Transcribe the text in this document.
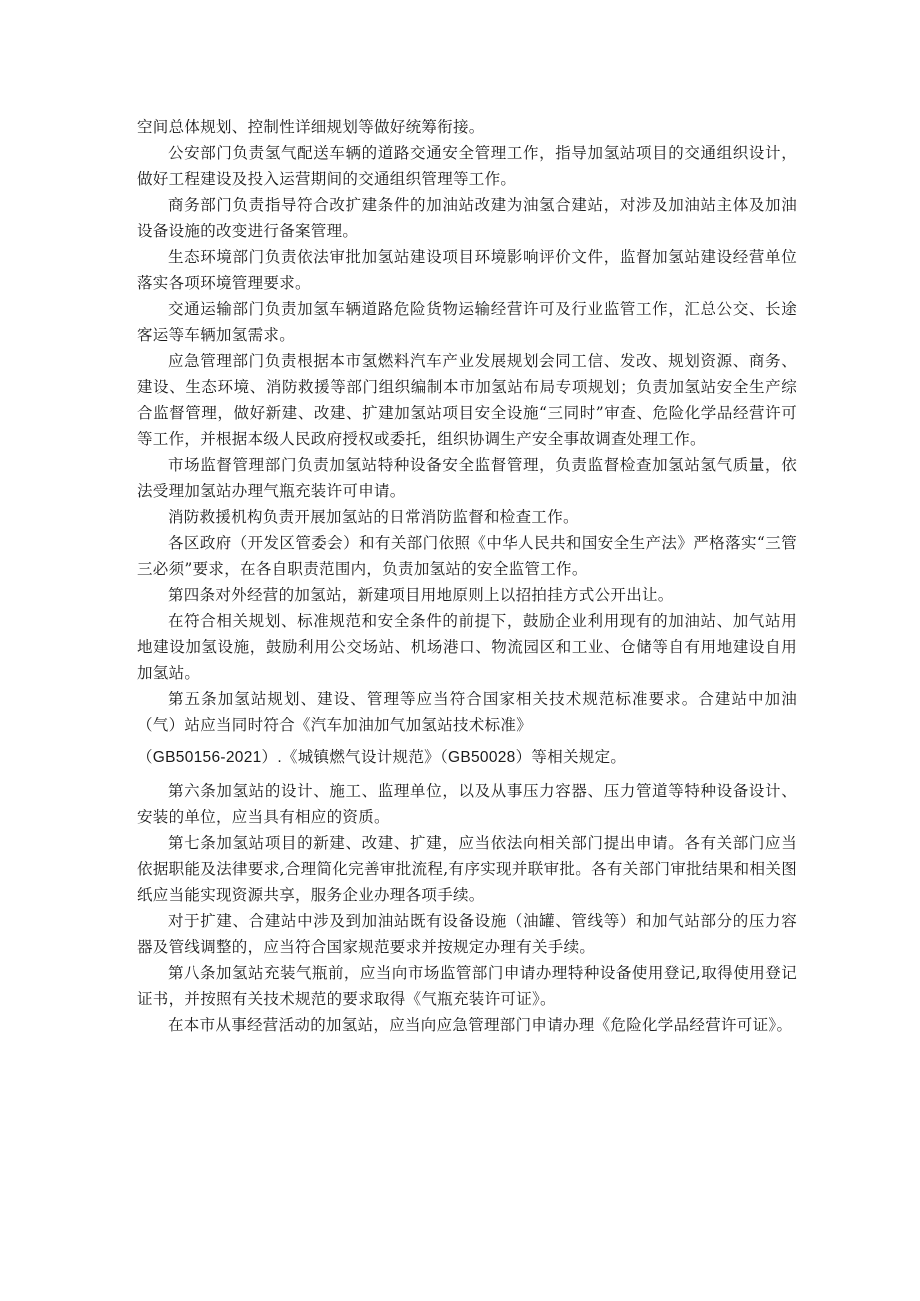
空间总体规划、控制性详细规划等做好统筹衔接。

公安部门负责氢气配送车辆的道路交通安全管理工作，指导加氢站项目的交通组织设计，做好工程建设及投入运营期间的交通组织管理等工作。

商务部门负责指导符合改扩建条件的加油站改建为油氢合建站，对涉及加油站主体及加油设备设施的改变进行备案管理。

生态环境部门负责依法审批加氢站建设项目环境影响评价文件，监督加氢站建设经营单位落实各项环境管理要求。

交通运输部门负责加氢车辆道路危险货物运输经营许可及行业监管工作，汇总公交、长途客运等车辆加氢需求。

应急管理部门负责根据本市氢燃料汽车产业发展规划会同工信、发改、规划资源、商务、建设、生态环境、消防救援等部门组织编制本市加氢站布局专项规划；负责加氢站安全生产综合监督管理，做好新建、改建、扩建加氢站项目安全设施“三同时”审查、危险化学品经营许可等工作，并根据本级人民政府授权或委托，组织协调生产安全事故调查处理工作。

市场监督管理部门负责加氢站特种设备安全监督管理，负责监督检查加氢站氢气质量，依法受理加氢站办理气瓶充装许可申请。

消防救援机构负责开展加氢站的日常消防监督和检查工作。

各区政府（开发区管委会）和有关部门依照《中华人民共和国安全生产法》严格落实“三管三必须”要求，在各自职责范围内，负责加氢站的安全监管工作。

第四条对外经营的加氢站，新建项目用地原则上以招拍挂方式公开出让。

在符合相关规划、标准规范和安全条件的前提下，鼓励企业利用现有的加油站、加气站用地建设加氢设施，鼓励利用公交场站、机场港口、物流园区和工业、仓储等自有用地建设自用加氢站。

第五条加氢站规划、建设、管理等应当符合国家相关技术规范标准要求。合建站中加油（气）站应当同时符合《汽车加油加气加氢站技术标准》

（GB50156-2021）.《城镇燃气设计规范》（GB50028）等相关规定。

第六条加氢站的设计、施工、监理单位，以及从事压力容器、压力管道等特种设备设计、安装的单位，应当具有相应的资质。

第七条加氢站项目的新建、改建、扩建，应当依法向相关部门提出申请。各有关部门应当依据职能及法律要求,合理简化完善审批流程,有序实现并联审批。各有关部门审批结果和相关图纸应当能实现资源共享，服务企业办理各项手续。

对于扩建、合建站中涉及到加油站既有设备设施（油罐、管线等）和加气站部分的压力容器及管线调整的，应当符合国家规范要求并按规定办理有关手续。

第八条加氢站充装气瓶前，应当向市场监管部门申请办理特种设备使用登记,取得使用登记证书，并按照有关技术规范的要求取得《气瓶充装许可证》。

在本市从事经营活动的加氢站，应当向应急管理部门申请办理《危险化学品经营许可证》。
